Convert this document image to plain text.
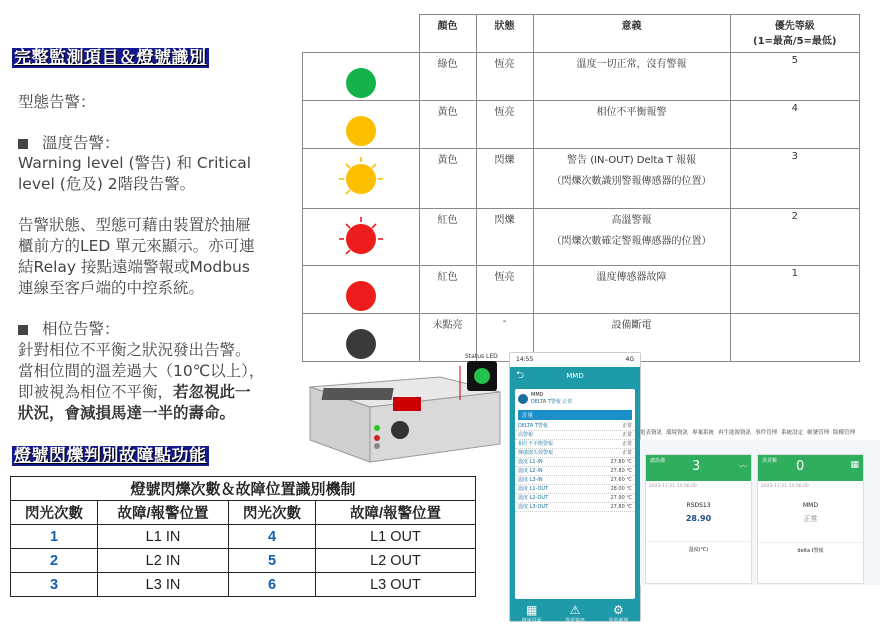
完整監測項目＆燈號識別
型態告警：
溫度告警：
Warning level (警告) 和 Critical
level (危及) 2階段告警。
告警狀態、型態可藉由裝置於抽屜
櫃前方的LED 單元來顯示。亦可連
結Relay 接點遠端警報或Modbus
連線至客戶端的中控系統。
相位告警：
針對相位不平衡之狀況發出告警。
當相位間的溫差過大（10℃以上），
即被視為相位不平衡，若忽視此一
狀況，會減損馬達一半的壽命。
燈號閃爍判別故障點功能
燈號閃爍次數＆故障位置識別機制			
閃光次數	故障/報警位置	閃光次數	故障/報警位置
1	L1 IN	4	L1 OUT
2	L2 IN	5	L2 OUT
3	L3 IN	6	L3 OUT
	顏色	狀態	意義	優先等級
(1=最高/5=最低)

	綠色	恆亮	溫度一切正常，沒有警報	5

	黃色	恆亮	相位不平衡報警	4

	黃色	閃爍	警告 (IN-OUT) Delta T 報報
（閃爍次數識別警報傳感器的位置）	3

	紅色	閃爍	高溫警報
（閃爍次數確定警報傳感器的位置）	2

	紅色	恆亮	溫度傳感器故障	1

	未點亮	-	設備斷電	

Status LED	14:55	4G
⮌	MMD
MMD
DELTA T警報 正常
計量
DELTA T警報	正常
高警報	正常
相位不平衡警報	正常
傳感器失效警報	正常
溫度 L1-IN	27.80 ℃
溫度 L2-IN	27.80 ℃
溫度 L3-IN	27.60 ℃
溫度 L1-OUT	28.00 ℃
溫度 L2-OUT	27.90 ℃
溫度 L3-OUT	27.80 ℃
▦
資訊頁面
⚠
異常資訊
⚙
異常處理
電表資訊 環境資訊 專案系統 再生能源資訊 事件管理 系統設定 帳號管理 版權管理
總設備 3	〰
2022-11-21 15:06:00
RSDS13
28.90
溫度(℃)
異常數 0	▦
2022-11-21 15:06:00
MMD
正常
delta t警報
